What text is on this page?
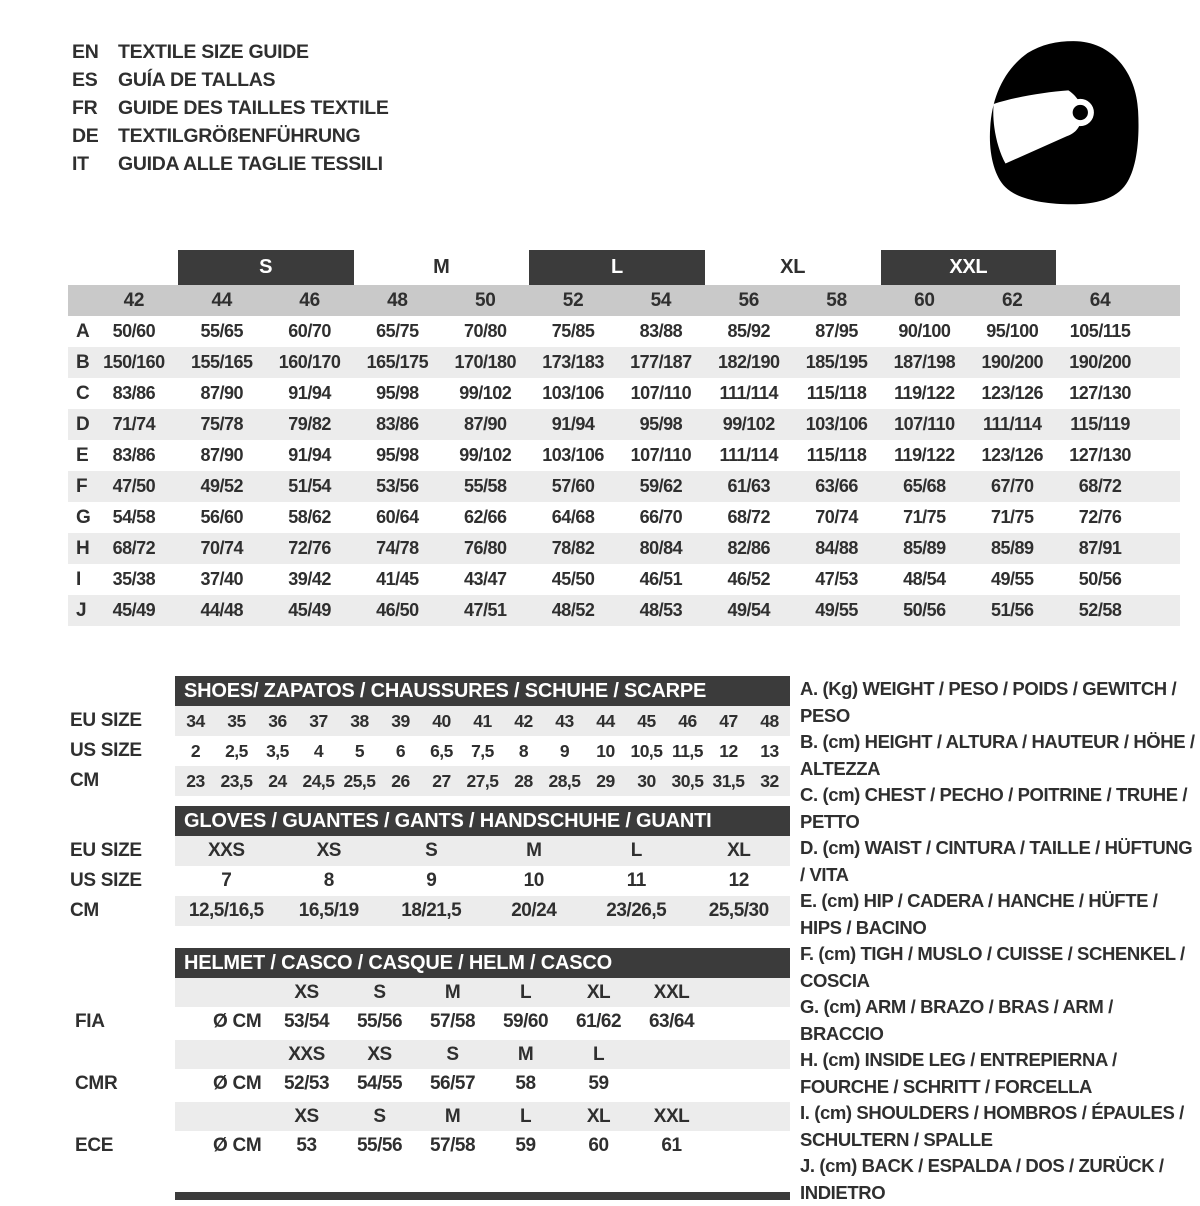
EN	TEXTILE SIZE GUIDE
ES	GUÍA DE TALLAS
FR	GUIDE DES TAILLES TEXTILE
DE	TEXTILGRÖßENFÜHRUNG
IT	GUIDA ALLE TAGLIE TESSILI
S	M	L	XL	XXL
42	44	46	48	50	52	54	56	58	60	62	64
A	50/60	55/65	60/70	65/75	70/80	75/85	83/88	85/92	87/95	90/100	95/100	105/115
B 150/160	155/165	160/170	165/175	170/180	173/183	177/187	182/190	185/195	187/198	190/200	190/200
C	83/86	87/90	91/94	95/98	99/102	103/106	107/110	111/114	115/118	119/122	123/126	127/130
D	71/74	75/78	79/82	83/86	87/90	91/94	95/98	99/102	103/106	107/110	111/114	115/119
E	83/86	87/90	91/94	95/98	99/102	103/106	107/110	111/114	115/118	119/122	123/126	127/130
F	47/50	49/52	51/54	53/56	55/58	57/60	59/62	61/63	63/66	65/68	67/70	68/72
G	54/58	56/60	58/62	60/64	62/66	64/68	66/70	68/72	70/74	71/75	71/75	72/76
H	68/72	70/74	72/76	74/78	76/80	78/82	80/84	82/86	84/88	85/89	85/89	87/91
I	35/38	37/40	39/42	41/45	43/47	45/50	46/51	46/52	47/53	48/54	49/55	50/56
J	45/49	44/48	45/49	46/50	47/51	48/52	48/53	49/54	49/55	50/56	51/56	52/58
SHOES/ ZAPATOS / CHAUSSURES / SCHUHE / SCARPE
EU SIZE	34	35	36	37	38	39	40	41	42	43	44	45	46	47	48
US SIZE	2	2,5	3,5	4	5	6	6,5	7,5	8	9	10 10,5 11,5 12	13
CM	23 23,5 24 24,5 25,5 26	27 27,5 28 28,5 29	30 30,5 31,5 32
GLOVES / GUANTES / GANTS / HANDSCHUHE / GUANTI
EU SIZE	XXS	XS	S	M	L	XL
US SIZE	7	8	9	10	11	12
CM	12,5/16,5	16,5/19	18/21,5	20/24	23/26,5	25,5/30
HELMET / CASCO / CASQUE / HELM / CASCO
XS	S	M	L	XL	XXL
FIA	Ø CM	53/54	55/56	57/58	59/60	61/62	63/64
XXS	XS	S	M	L
CMR	Ø CM	52/53	54/55	56/57	58	59
XS	S	M	L	XL	XXL
ECE	Ø CM	53	55/56	57/58	59	60	61
A. (Kg) WEIGHT / PESO / POIDS / GEWITCH / PESO
B. (cm) HEIGHT / ALTURA / HAUTEUR / HÖHE / ALTEZZA
C. (cm) CHEST / PECHO / POITRINE / TRUHE / PETTO
D. (cm) WAIST / CINTURA / TAILLE / HÜFTUNG / VITA
E. (cm) HIP / CADERA / HANCHE / HÜFTE / HIPS / BACINO
F. (cm) TIGH / MUSLO / CUISSE / SCHENKEL / COSCIA
G. (cm) ARM / BRAZO / BRAS / ARM / BRACCIO
H. (cm) INSIDE LEG / ENTREPIERNA / FOURCHE / SCHRITT / FORCELLA
I. (cm) SHOULDERS / HOMBROS / ÉPAULES / SCHULTERN / SPALLE
J. (cm) BACK / ESPALDA / DOS / ZURÜCK / INDIETRO
